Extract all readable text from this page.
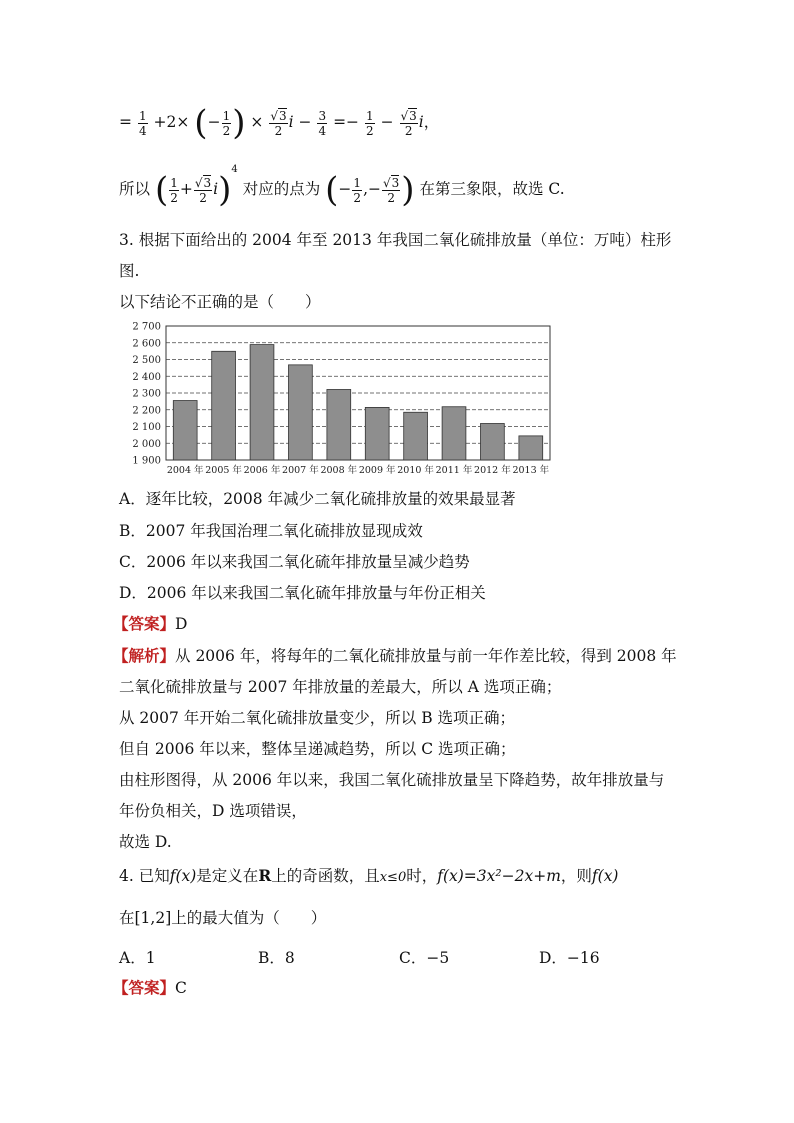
= $\frac{1}{4} +2\times$ (− $\frac{1}{2}$ ) × $\frac{√3}{2}$ $i - \frac{3}{4} =- \frac{1}{2} - \frac{√3}{2}$ i，
所以 ( $\frac{1}{2} + \frac{√3}{2} i)^4$ 对应的点为 (− $\frac{1}{2}$ ,− $\frac{√3}{2}$ ) 在第三象限，故选 C.
3. 根据下面给出的 2004 年至 2013 年我国二氧化硫排放量（单位：万吨）柱形
图.
以下结论不正确的是（　　）
1 900
2 000
2 100
2 200
2 300
2 400
2 500
2 600
2 700
2004 年 2005 年 2006 年 2007 年 2008 年 2009 年 2010 年 2011 年 2012 年 2013 年
A．逐年比较，2008 年减少二氧化硫排放量的效果最显著
B．2007 年我国治理二氧化硫排放显现成效
C．2006 年以来我国二氧化硫年排放量呈减少趋势
D．2006 年以来我国二氧化硫年排放量与年份正相关
【答案】D
【解析】从 2006 年，将每年的二氧化硫排放量与前一年作差比较，得到 2008 年
二氧化硫排放量与 2007 年排放量的差最大，所以 A 选项正确；
从 2007 年开始二氧化硫排放量变少，所以 B 选项正确；
但自 2006 年以来，整体呈递减趋势，所以 C 选项正确；
由柱形图得，从 2006 年以来，我国二氧化硫排放量呈下降趋势，故年排放量与
年份负相关，D 选项错误，
故选 D.
4. 已知f(x)是定义在R上的奇函数，且x≤0时，f(x)=3x²−2x+m，则f(x)
在[1,2]上的最大值为（　　）
A．1	B．8	C．−5	D．−16
【答案】C
